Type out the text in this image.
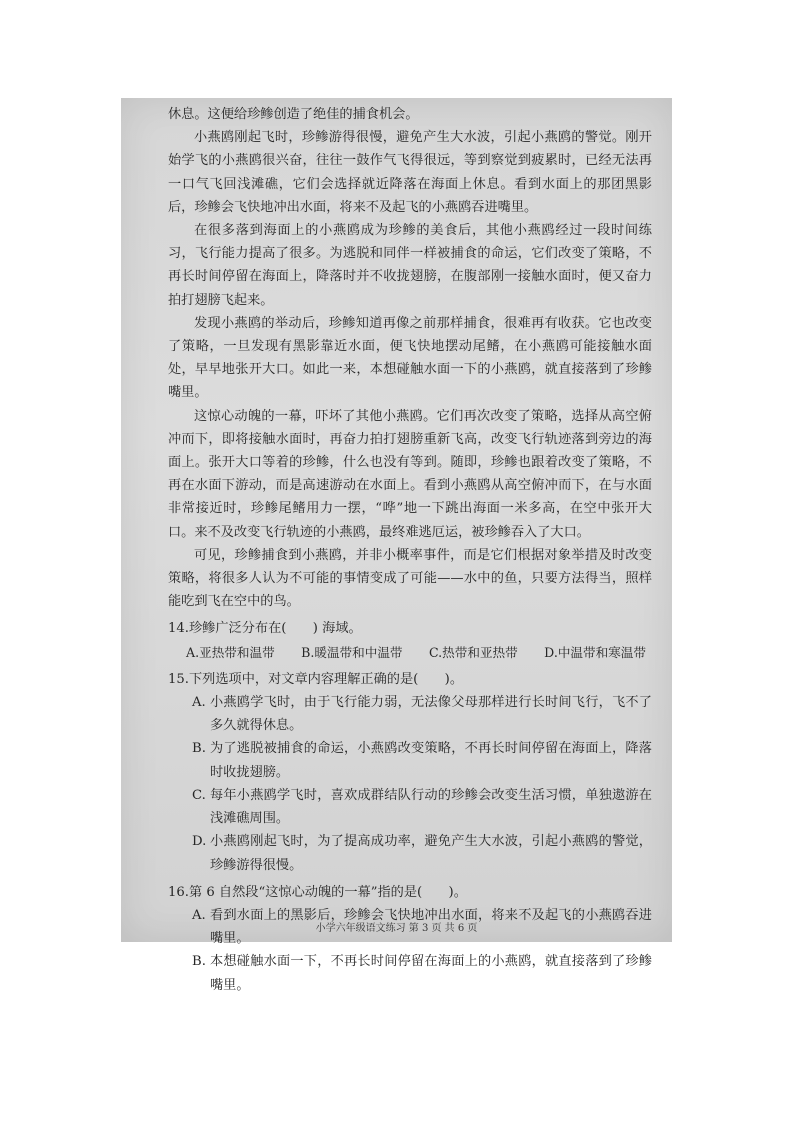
休息。这便给珍鲹创造了绝佳的捕食机会。

小燕鸥刚起飞时，珍鲹游得很慢，避免产生大水波，引起小燕鸥的警觉。刚开始学飞的小燕鸥很兴奋，往往一鼓作气飞得很远，等到察觉到疲累时，已经无法再一口气飞回浅滩礁，它们会选择就近降落在海面上休息。看到水面上的那团黑影后，珍鲹会飞快地冲出水面，将来不及起飞的小燕鸥吞进嘴里。

在很多落到海面上的小燕鸥成为珍鲹的美食后，其他小燕鸥经过一段时间练习，飞行能力提高了很多。为逃脱和同伴一样被捕食的命运，它们改变了策略，不再长时间停留在海面上，降落时并不收拢翅膀，在腹部刚一接触水面时，便又奋力拍打翅膀飞起来。

发现小燕鸥的举动后，珍鲹知道再像之前那样捕食，很难再有收获。它也改变了策略，一旦发现有黑影靠近水面，便飞快地摆动尾鳍，在小燕鸥可能接触水面处，早早地张开大口。如此一来，本想碰触水面一下的小燕鸥，就直接落到了珍鲹嘴里。

这惊心动魄的一幕，吓坏了其他小燕鸥。它们再次改变了策略，选择从高空俯冲而下，即将接触水面时，再奋力拍打翅膀重新飞高，改变飞行轨迹落到旁边的海面上。张开大口等着的珍鲹，什么也没有等到。随即，珍鲹也跟着改变了策略，不再在水面下游动，而是高速游动在水面上。看到小燕鸥从高空俯冲而下，在与水面非常接近时，珍鲹尾鳍用力一摆，“哗”地一下跳出海面一米多高，在空中张开大口。来不及改变飞行轨迹的小燕鸥，最终难逃厄运，被珍鲹吞入了大口。

可见，珍鲹捕食到小燕鸥，并非小概率事件，而是它们根据对象举措及时改变策略，将很多人认为不可能的事情变成了可能——水中的鱼，只要方法得当，照样能吃到飞在空中的鸟。

14.珍鲹广泛分布在(　　) 海域。

A.亚热带和温带 B.暖温带和中温带 C.热带和亚热带 D.中温带和寒温带

15.下列选项中，对文章内容理解正确的是(　　)。

A. 小燕鸥学飞时，由于飞行能力弱，无法像父母那样进行长时间飞行，飞不了多久就得休息。
B. 为了逃脱被捕食的命运，小燕鸥改变策略，不再长时间停留在海面上，降落时收拢翅膀。
C. 每年小燕鸥学飞时，喜欢成群结队行动的珍鲹会改变生活习惯，单独遨游在浅滩礁周围。
D. 小燕鸥刚起飞时，为了提高成功率，避免产生大水波，引起小燕鸥的警觉，珍鲹游得很慢。

16.第 6 自然段“这惊心动魄的一幕”指的是(　　)。

A. 看到水面上的黑影后，珍鲹会飞快地冲出水面，将来不及起飞的小燕鸥吞进嘴里。
B. 本想碰触水面一下，不再长时间停留在海面上的小燕鸥，就直接落到了珍鲹嘴里。
小学六年级语文练习 第 3 页 共 6 页
